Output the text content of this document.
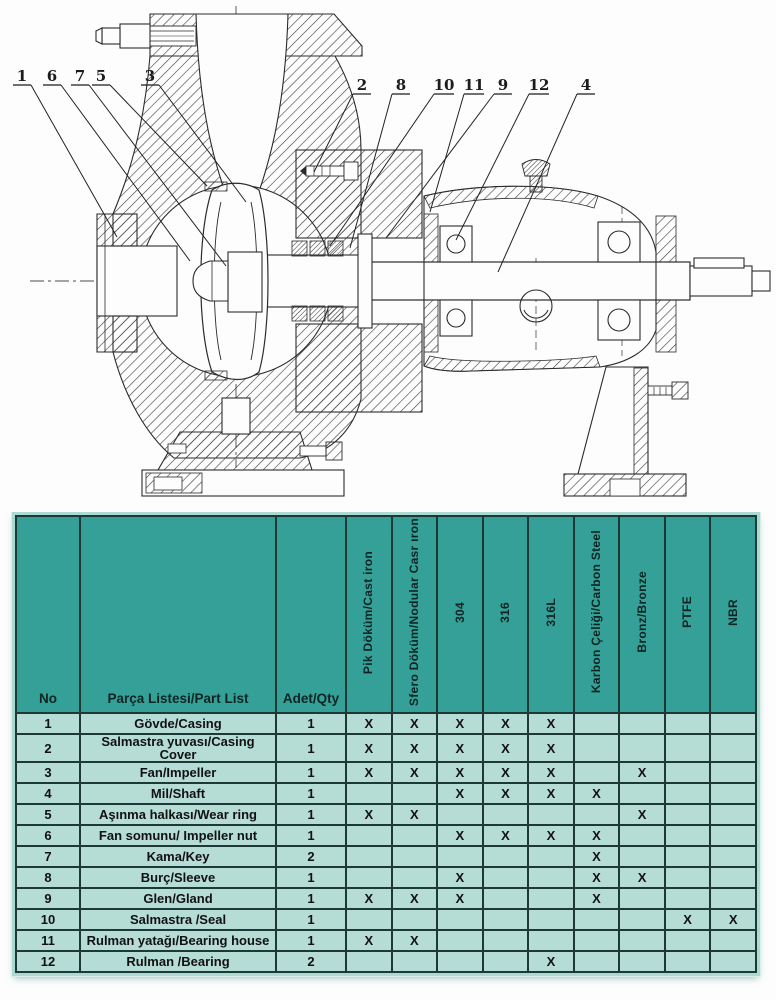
1 6 7 5	3	2 8 10 11 9 12 4
No	Parça Listesi/Part List	Adet/Qty	Pik Döküm/Cast iron	Sfero Döküm/Nodular Casr ıron	304	316	316L	Karbon Çeliği/Carbon Steel	Bronz/Bronze	PTFE	NBR
1	Gövde/Casing	1	X	X	X	X	X				
2	Salmastra yuvası/Casing Cover	1	X	X	X	X	X				
3	Fan/Impeller	1	X	X	X	X	X		X		
4	Mil/Shaft	1			X	X	X	X			
5	Aşınma halkası/Wear ring	1	X	X					X		
6	Fan somunu/ Impeller nut	1			X	X	X	X			
7	Kama/Key	2						X			
8	Burç/Sleeve	1			X			X	X		
9	Glen/Gland	1	X	X	X			X			
10	Salmastra /Seal	1								X	X
11	Rulman yatağı/Bearing house	1	X	X							
12	Rulman /Bearing	2					X				
